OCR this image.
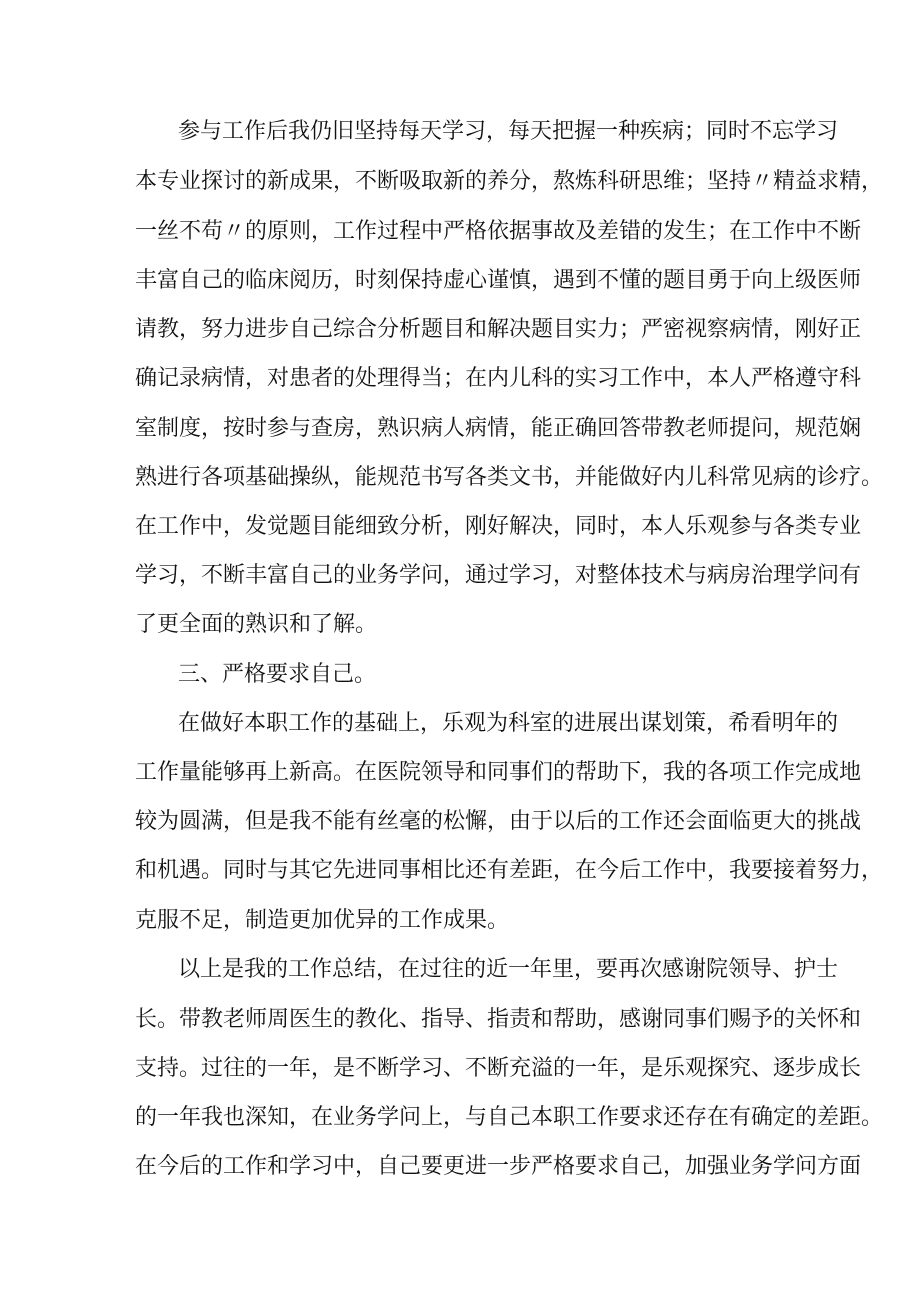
参与工作后我仍旧坚持每天学习，每天把握一种疾病；同时不忘学习
本专业探讨的新成果，不断吸取新的养分，熬炼科研思维；坚持〃精益求精，
一丝不苟〃的原则，工作过程中严格依据事故及差错的发生；在工作中不断
丰富自己的临床阅历，时刻保持虚心谨慎，遇到不懂的题目勇于向上级医师
请教，努力进步自己综合分析题目和解决题目实力；严密视察病情，刚好正
确记录病情，对患者的处理得当；在内儿科的实习工作中，本人严格遵守科
室制度，按时参与查房，熟识病人病情，能正确回答带教老师提问，规范娴
熟进行各项基础操纵，能规范书写各类文书，并能做好内儿科常见病的诊疗。
在工作中，发觉题目能细致分析，刚好解决，同时，本人乐观参与各类专业
学习，不断丰富自己的业务学问，通过学习，对整体技术与病房治理学问有
了更全面的熟识和了解。
三、严格要求自己。
在做好本职工作的基础上，乐观为科室的进展出谋划策，希看明年的
工作量能够再上新高。在医院领导和同事们的帮助下，我的各项工作完成地
较为圆满，但是我不能有丝毫的松懈，由于以后的工作还会面临更大的挑战
和机遇。同时与其它先进同事相比还有差距，在今后工作中，我要接着努力，
克服不足，制造更加优异的工作成果。
以上是我的工作总结，在过往的近一年里，要再次感谢院领导、护士
长。带教老师周医生的教化、指导、指责和帮助，感谢同事们赐予的关怀和
支持。过往的一年，是不断学习、不断充溢的一年，是乐观探究、逐步成长
的一年我也深知，在业务学问上，与自己本职工作要求还存在有确定的差距。
在今后的工作和学习中，自己要更进一步严格要求自己，加强业务学问方面
